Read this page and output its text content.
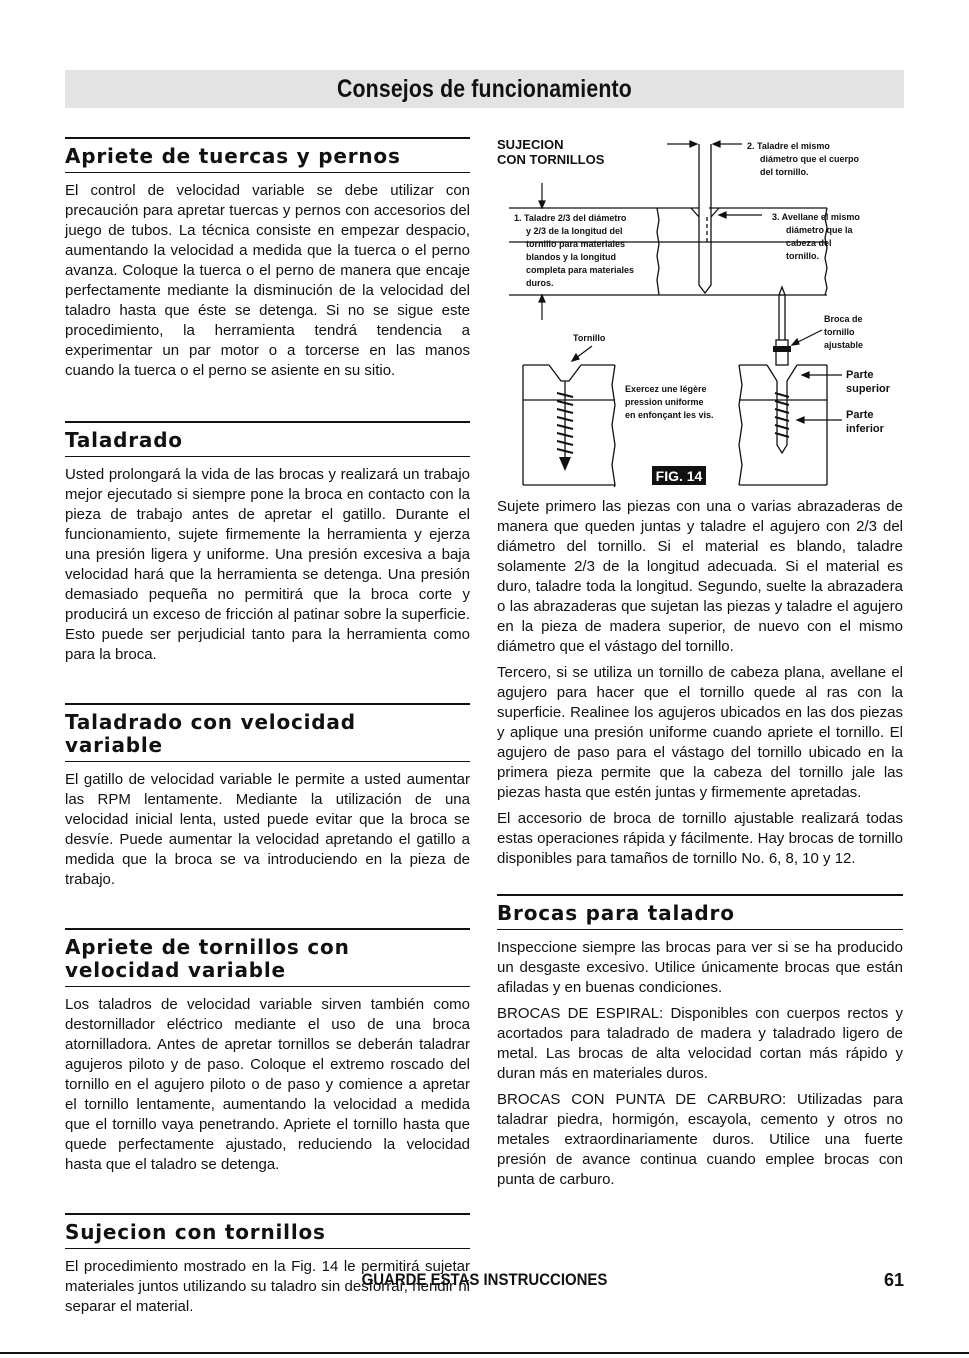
Consejos de funcionamiento
Apriete de tuercas y pernos

El control de velocidad variable se debe utilizar con precaución para apretar tuercas y pernos con accesorios del juego de tubos. La técnica consiste en empezar despacio, aumentando la velocidad a medida que la tuerca o el perno avanza. Coloque la tuerca o el perno de manera que encaje perfectamente mediante la disminución de la velocidad del taladro hasta que éste se detenga. Si no se sigue este procedimiento, la herramienta tendrá tendencia a experimentar un par motor o a torcerse en las manos cuando la tuerca o el perno se asiente en su sitio.

Taladrado

Usted prolongará la vida de las brocas y realizará un trabajo mejor ejecutado si siempre pone la broca en contacto con la pieza de trabajo antes de apretar el gatillo. Durante el funcionamiento, sujete firmemente la herramienta y ejerza una presión ligera y uniforme. Una presión excesiva a baja velocidad hará que la herramienta se detenga. Una presión demasiado pequeña no permitirá que la broca corte y producirá un exceso de fricción al patinar sobre la superficie. Esto puede ser perjudicial tanto para la herramienta como para la broca.

Taladrado con velocidad
variable

El gatillo de velocidad variable le permite a usted aumentar las RPM lentamente. Mediante la utilización de una velocidad inicial lenta, usted puede evitar que la broca se desvíe. Puede aumentar la velocidad apretando el gatillo a medida que la broca se va introduciendo en la pieza de trabajo.

Apriete de tornillos con
velocidad variable

Los taladros de velocidad variable sirven también como destornillador eléctrico mediante el uso de una broca atornilladora. Antes de apretar tornillos se deberán taladrar agujeros piloto y de paso. Coloque el extremo roscado del tornillo en el agujero piloto o de paso y comience a apretar el tornillo lentamente, aumentando la velocidad a medida que el tornillo vaya penetrando. Apriete el tornillo hasta que quede perfectamente ajustado, reduciendo la velocidad hasta que el taladro se detenga.

Sujecion con tornillos

El procedimiento mostrado en la Fig. 14 le permitirá sujetar materiales juntos utilizando su taladro sin desforrar, hendir ni separar el material.

SUJECION
CON TORNILLOS
1. Taladre 2/3 del diámetro
y 2/3 de la longitud del
tornillo para materiales
blandos y la longitud
completa para materiales
duros.
2. Taladre el mismo
diámetro que el cuerpo
del tornillo.
3. Avellane el mismo
diámetro que la
cabeza del
tornillo.
Broca de
tornillo
ajustable
Tornillo
Exercez une légère
pression uniforme
en enfonçant les vis.
Parte
superior
Parte
inferior
FIG. 14

Sujete primero las piezas con una o varias abrazaderas de manera que queden juntas y taladre el agujero con 2/3 del diámetro del tornillo. Si el material es blando, taladre solamente 2/3 de la longitud adecuada. Si el material es duro, taladre toda la longitud. Segundo, suelte la abrazadera o las abrazaderas que sujetan las piezas y taladre el agujero en la pieza de madera superior, de nuevo con el mismo diámetro que el vástago del tornillo.

Tercero, si se utiliza un tornillo de cabeza plana, avellane el agujero para hacer que el tornillo quede al ras con la superficie. Realinee los agujeros ubicados en las dos piezas y aplique una presión uniforme cuando apriete el tornillo. El agujero de paso para el vástago del tornillo ubicado en la primera pieza permite que la cabeza del tornillo jale las piezas hasta que estén juntas y firmemente apretadas.

El accesorio de broca de tornillo ajustable realizará todas estas operaciones rápida y fácilmente. Hay brocas de tornillo disponibles para tamaños de tornillo No. 6, 8, 10 y 12.

Brocas para taladro

Inspeccione siempre las brocas para ver si se ha producido un desgaste excesivo. Utilice únicamente brocas que están afiladas y en buenas condiciones.

BROCAS DE ESPIRAL: Disponibles con cuerpos rectos y acortados para taladrado de madera y taladrado ligero de metal. Las brocas de alta velocidad cortan más rápido y duran más en materiales duros.

BROCAS CON PUNTA DE CARBURO: Utilizadas para taladrar piedra, hormigón, escayola, cemento y otros no metales extraordinariamente duros. Utilice una fuerte presión de avance continua cuando emplee brocas con punta de carburo.

GUARDE ESTAS INSTRUCCIONES	61
